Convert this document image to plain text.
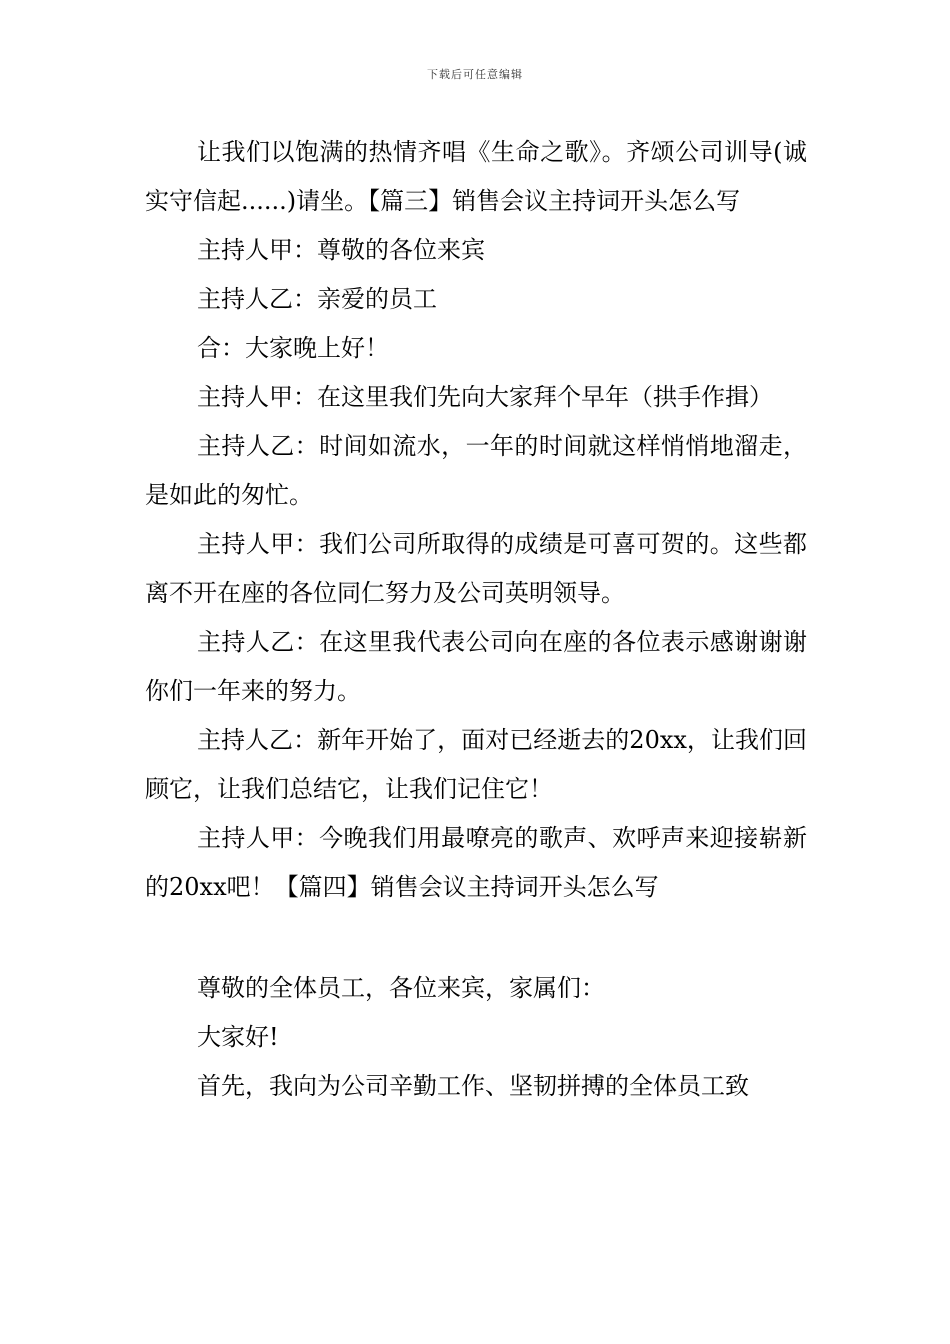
下载后可任意编辑

让我们以饱满的热情齐唱《生命之歌》。齐颂公司训导(诚实守信起......)请坐。【篇三】销售会议主持词开头怎么写

主持人甲：尊敬的各位来宾

主持人乙：亲爱的员工

合：大家晚上好！

主持人甲：在这里我们先向大家拜个早年（拱手作揖）

主持人乙：时间如流水，一年的时间就这样悄悄地溜走，是如此的匆忙。

主持人甲：我们公司所取得的成绩是可喜可贺的。这些都离不开在座的各位同仁努力及公司英明领导。

主持人乙：在这里我代表公司向在座的各位表示感谢谢谢你们一年来的努力。

主持人乙：新年开始了，面对已经逝去的20xx，让我们回顾它，让我们总结它，让我们记住它！

主持人甲：今晚我们用最嘹亮的歌声、欢呼声来迎接崭新的20xx吧！【篇四】销售会议主持词开头怎么写

尊敬的全体员工，各位来宾，家属们：

大家好!

首先，我向为公司辛勤工作、坚韧拼搏的全体员工致
